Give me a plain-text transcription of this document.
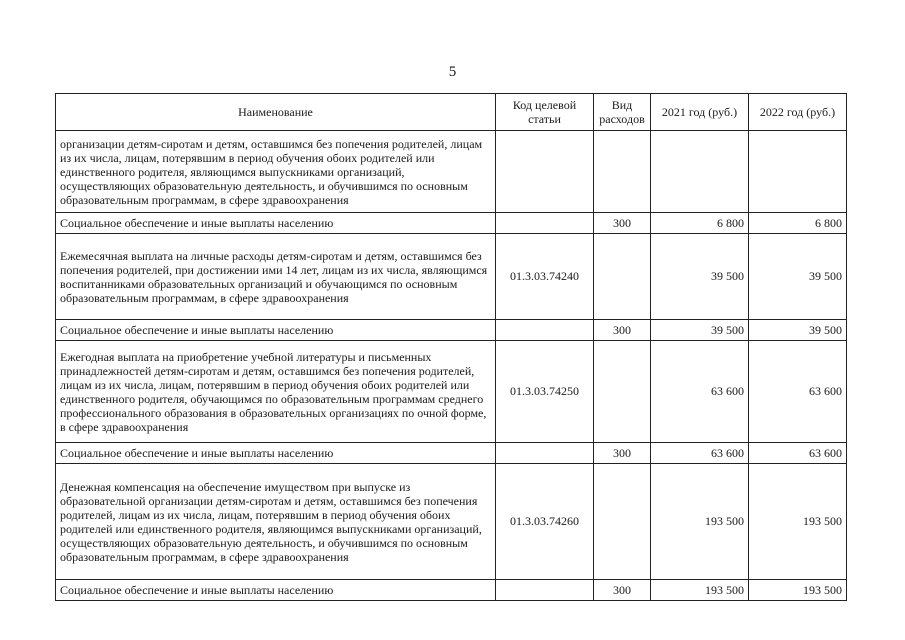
5
Наименование	Код целевой статьи	Вид расходов	2021 год (руб.)	2022 год (руб.)
организации детям-сиротам и детям, оставшимся без попечения родителей, лицам из их числа, лицам, потерявшим в период обучения обоих родителей или единственного родителя, являющимся выпускниками организаций, осуществляющих образовательную деятельность, и обучившимся по основным образовательным программам, в сфере здравоохранения				
Социальное обеспечение и иные выплаты населению		300	6 800	6 800
Ежемесячная выплата на личные расходы детям-сиротам и детям, оставшимся без попечения родителей, при достижении ими 14 лет, лицам из их числа, являющимся воспитанниками образовательных организаций и обучающимся по основным образовательным программам, в сфере здравоохранения	01.3.03.74240		39 500	39 500
Социальное обеспечение и иные выплаты населению		300	39 500	39 500
Ежегодная выплата на приобретение учебной литературы и письменных принадлежностей детям-сиротам и детям, оставшимся без попечения родителей, лицам из их числа, лицам, потерявшим в период обучения обоих родителей или единственного родителя, обучающимся по образовательным программам среднего профессионального образования в образовательных организациях по очной форме, в сфере здравоохранения	01.3.03.74250		63 600	63 600
Социальное обеспечение и иные выплаты населению		300	63 600	63 600
Денежная компенсация на обеспечение имуществом при выпуске из образовательной организации детям-сиротам и детям, оставшимся без попечения родителей, лицам из их числа, лицам, потерявшим в период обучения обоих родителей или единственного родителя, являющимся выпускниками организаций, осуществляющих образовательную деятельность, и обучившимся по основным образовательным программам, в сфере здравоохранения	01.3.03.74260		193 500	193 500
Социальное обеспечение и иные выплаты населению		300	193 500	193 500
